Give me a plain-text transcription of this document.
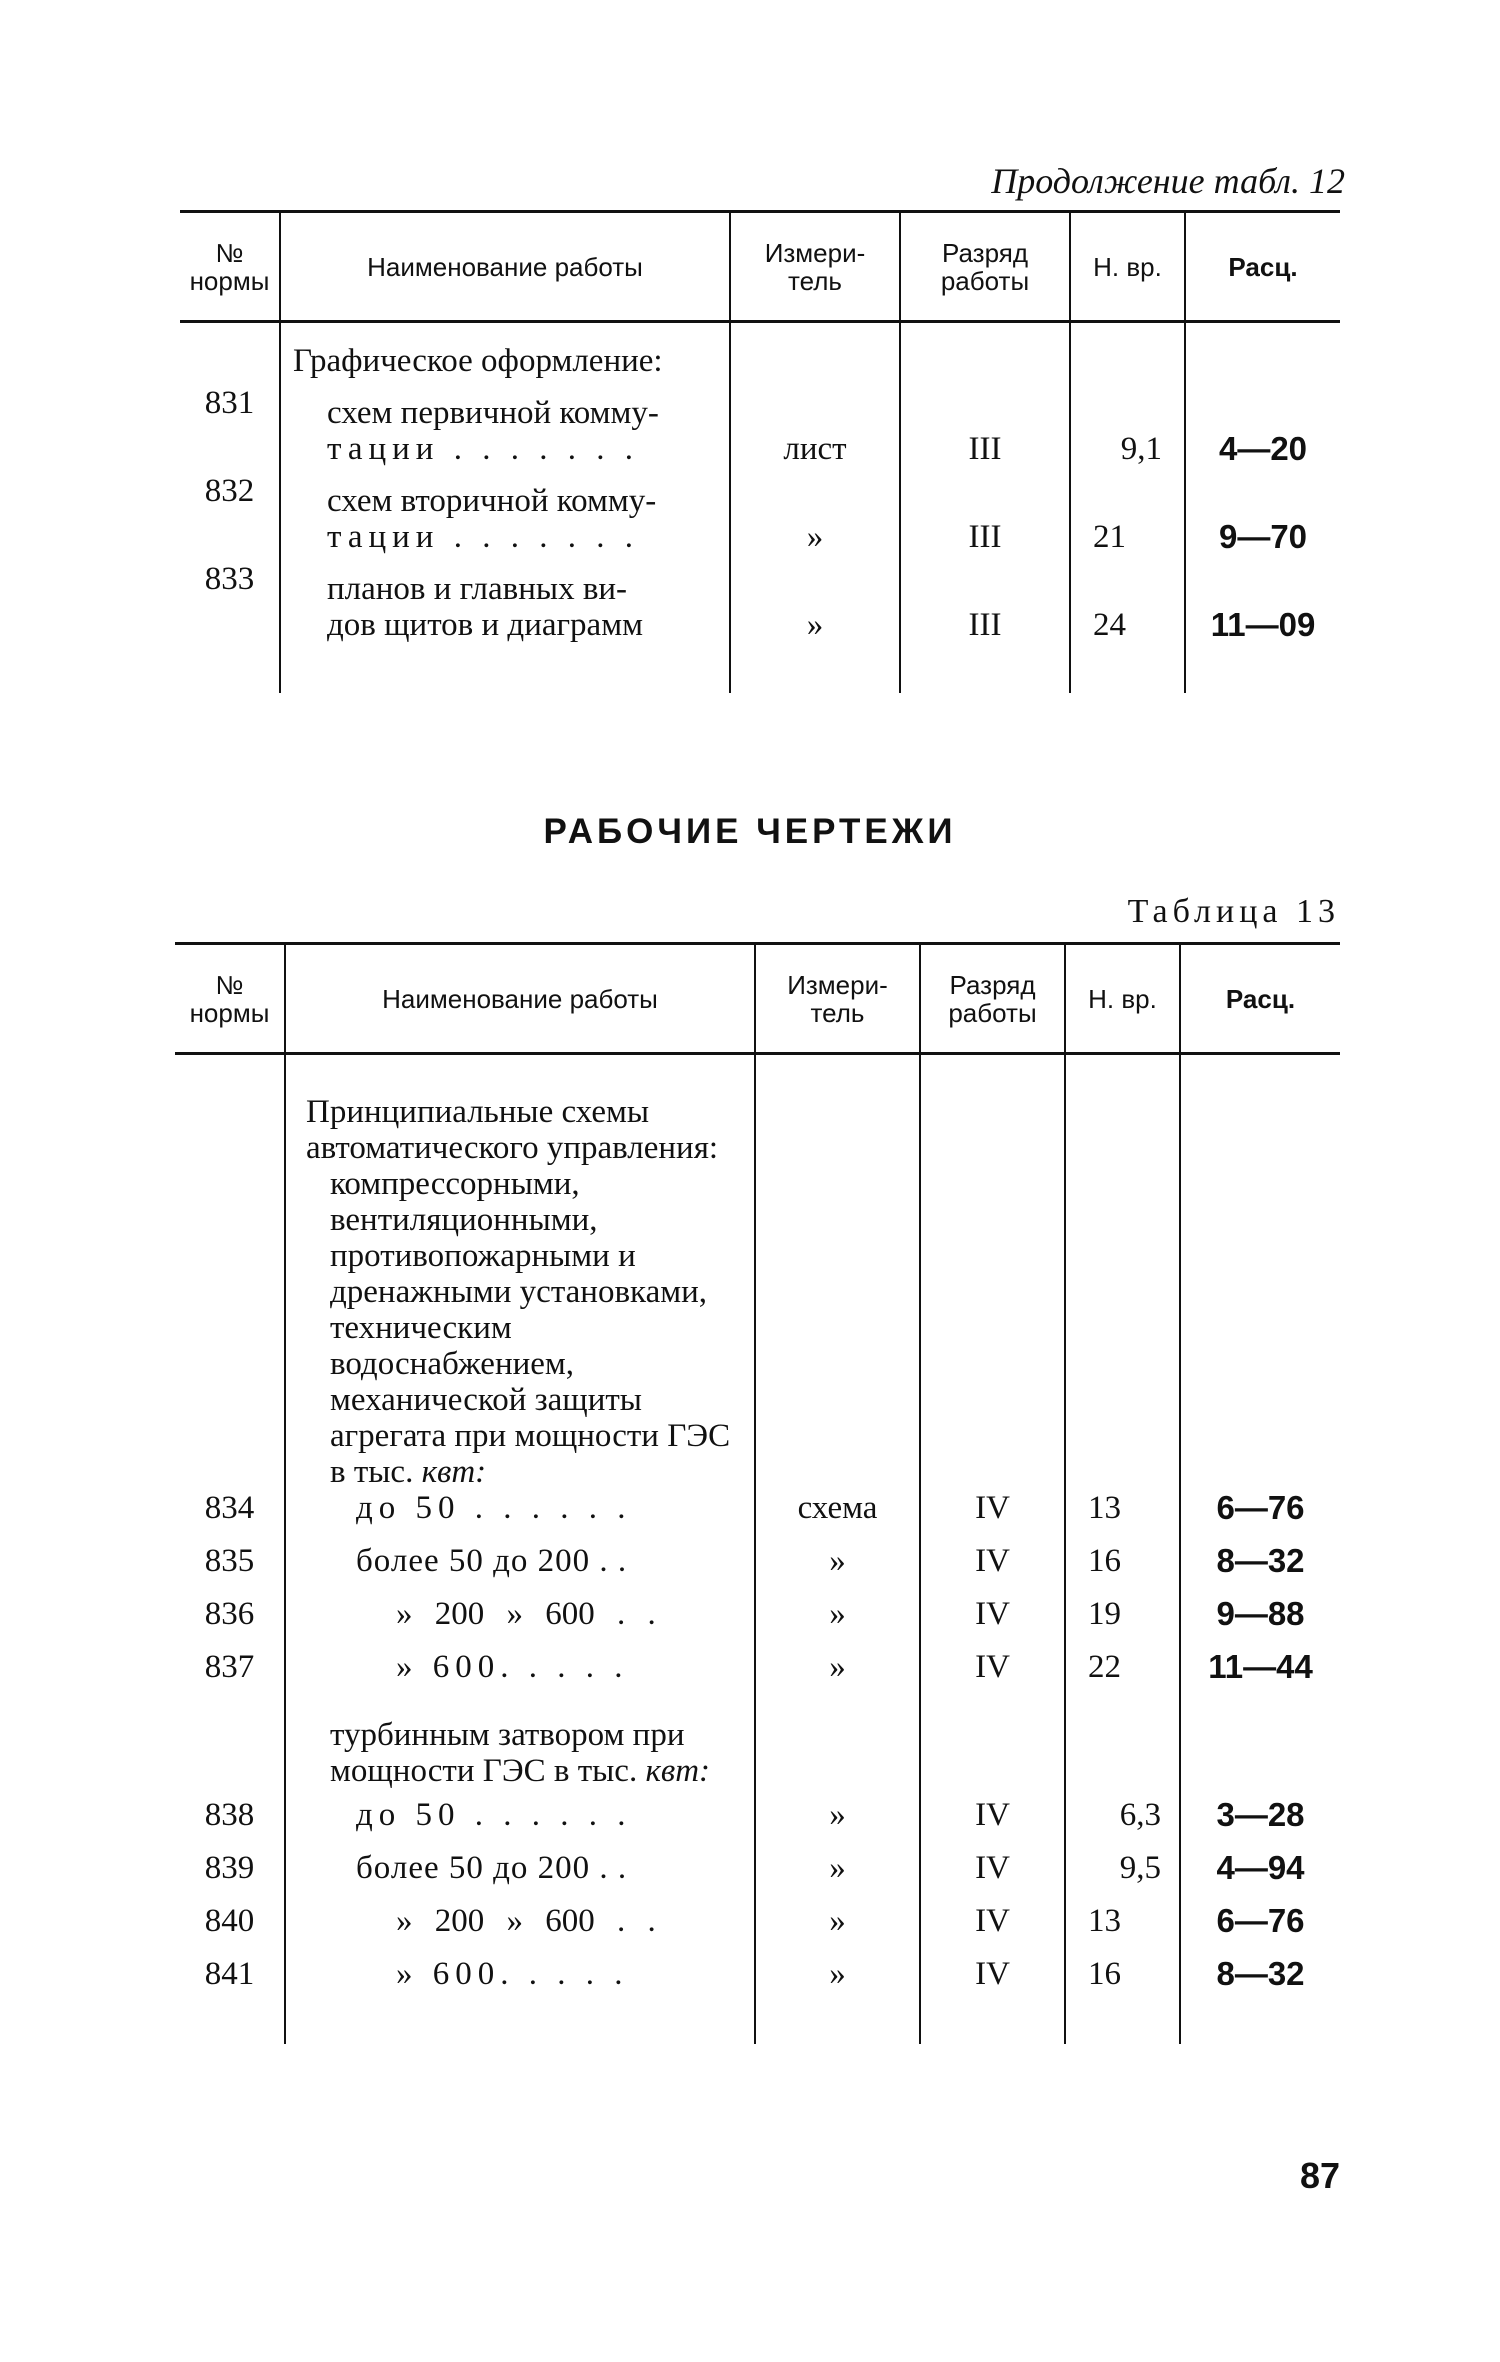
Продолжение табл. 12
№ нормы	Наименование работы	Измери-тель	Разряд работы	Н. вр.	Расц.

	Графическое оформление:				
831	схем первичной комму-
тации . . . . . . .	лист	III	9,1	4—20
832	схем вторичной комму-
тации . . . . . . .	»	III	21	9—70
833	планов и главных ви-
дов щитов и диаграмм	»	III	24	11—09

РАБОЧИЕ ЧЕРТЕЖИ
Таблица 13
№ нормы	Наименование работы	Измери-тель	Разряд работы	Н. вр.	Расц.

	Принципиальные схемы автоматического управления:				
	компрессорными, вентиляционными, противопожарными и дренажными установками, техническим водоснабжением, механической защиты агрегата при мощности ГЭС в тыс. квт:				
834	до 50 . . . . . .	схема	IV	13	6—76
835	более 50 до 200 . .	»	IV	16	8—32
836	» 200 » 600 . .	»	IV	19	9—88
837	» 600. . . . .	»	IV	22	11—44
	турбинным затвором при мощности ГЭС в тыс. квт:				
838	до 50 . . . . . .	»	IV	6,3	3—28
839	более 50 до 200 . .	»	IV	9,5	4—94
840	» 200 » 600 . .	»	IV	13	6—76
841	» 600. . . . .	»	IV	16	8—32

87
